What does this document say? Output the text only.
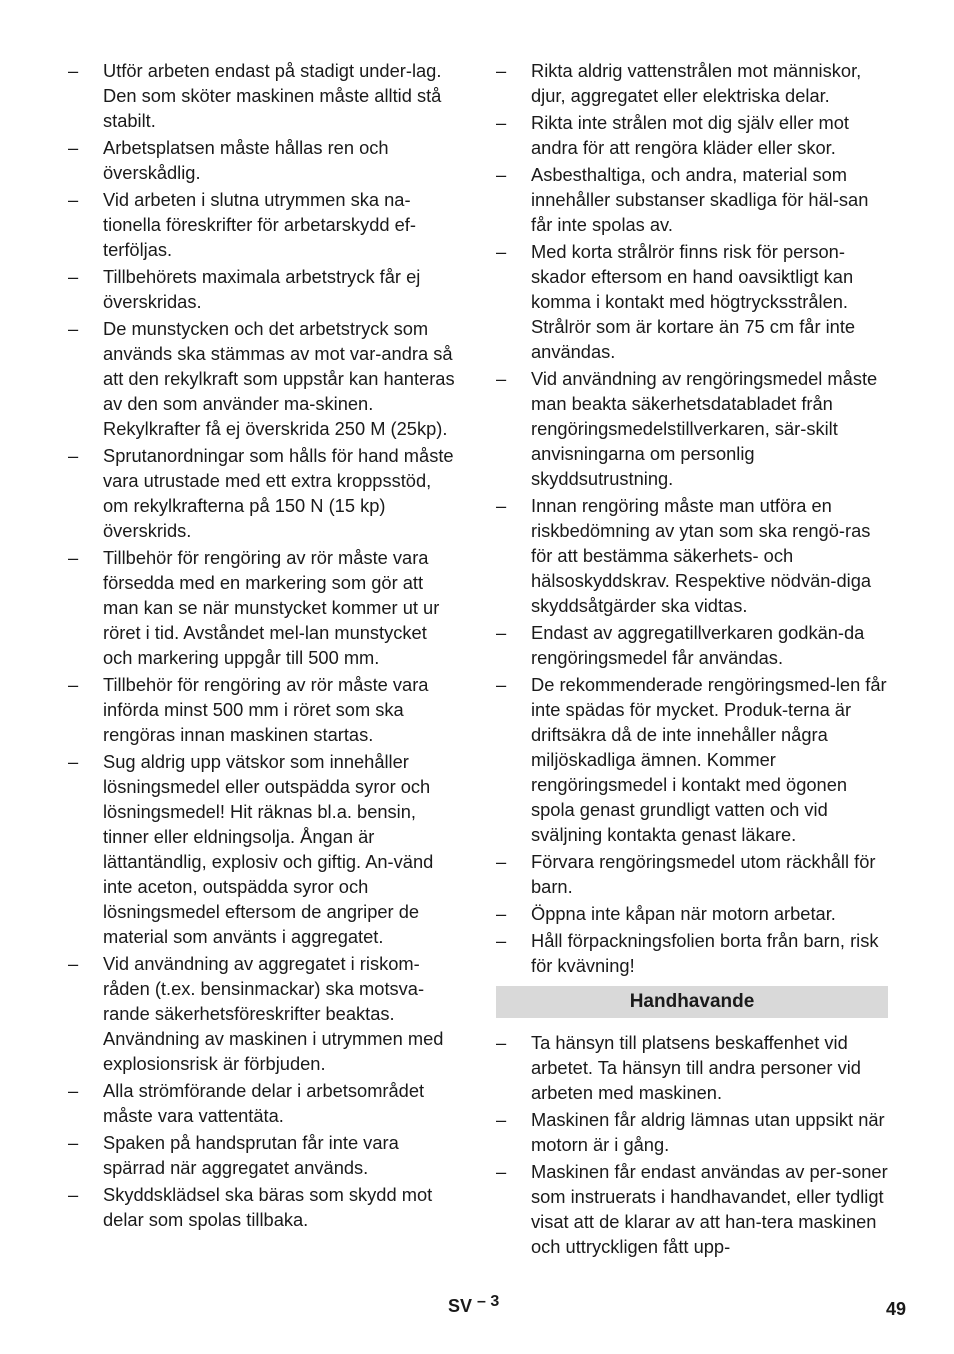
– Utför arbeten endast på stadigt under-lag. Den som sköter maskinen måste alltid stå stabilt.
– Arbetsplatsen måste hållas ren och överskådlig.
– Vid arbeten i slutna utrymmen ska na-tionella föreskrifter för arbetarskydd ef-terföljas.
– Tillbehörets maximala arbetstryck får ej överskridas.
– De munstycken och det arbetstryck som används ska stämmas av mot var-andra så att den rekylkraft som uppstår kan hanteras av den som använder ma-skinen. Rekylkrafter få ej överskrida 250 M (25kp).
– Sprutanordningar som hålls för hand måste vara utrustade med ett extra kroppsstöd, om rekylkrafterna på 150 N (15 kp) överskrids.
– Tillbehör för rengöring av rör måste vara försedda med en markering som gör att man kan se när munstycket kommer ut ur röret i tid. Avståndet mel-lan munstycket och markering uppgår till 500 mm.
– Tillbehör för rengöring av rör måste vara införda minst 500 mm i röret som ska rengöras innan maskinen startas.
– Sug aldrig upp vätskor som innehåller lösningsmedel eller outspädda syror och lösningsmedel! Hit räknas bl.a. bensin, tinner eller eldningsolja. Ångan är lättantändlig, explosiv och giftig. An-vänd inte aceton, outspädda syror och lösningsmedel eftersom de angriper de material som använts i aggregatet.
– Vid användning av aggregatet i riskom-råden (t.ex. bensinmackar) ska motsva-rande säkerhetsföreskrifter beaktas. Användning av maskinen i utrymmen med explosionsrisk är förbjuden.
– Alla strömförande delar i arbetsområdet måste vara vattentäta.
– Spaken på handsprutan får inte vara spärrad när aggregatet används.
– Skyddsklädsel ska bäras som skydd mot delar som spolas tillbaka.
– Rikta aldrig vattenstrålen mot människor, djur, aggregatet eller elektriska delar.
– Rikta inte strålen mot dig själv eller mot andra för att rengöra kläder eller skor.
– Asbesthaltiga, och andra, material som innehåller substanser skadliga för häl-san får inte spolas av.
– Med korta strålrör finns risk för person-skador eftersom en hand oavsiktligt kan komma i kontakt med högtrycksstrålen. Strålrör som är kortare än 75 cm får inte användas.
– Vid användning av rengöringsmedel måste man beakta säkerhetsdatabladet från rengöringsmedelstillverkaren, sär-skilt anvisningarna om personlig skyddsutrustning.
– Innan rengöring måste man utföra en riskbedömning av ytan som ska rengö-ras för att bestämma säkerhets- och hälsoskyddskrav. Respektive nödvän-diga skyddsåtgärder ska vidtas.
– Endast av aggregatillverkaren godkän-da rengöringsmedel får användas.
– De rekommenderade rengöringsmed-len får inte spädas för mycket. Produk-terna är driftsäkra då de inte innehåller några miljöskadliga ämnen. Kommer rengöringsmedel i kontakt med ögonen spola genast grundligt vatten och vid sväljning kontakta genast läkare.
– Förvara rengöringsmedel utom räckhåll för barn.
– Öppna inte kåpan när motorn arbetar.
– Håll förpackningsfolien borta från barn, risk för kvävning!
Handhavande
– Ta hänsyn till platsens beskaffenhet vid arbetet. Ta hänsyn till andra personer vid arbeten med maskinen.
– Maskinen får aldrig lämnas utan uppsikt när motorn är i gång.
– Maskinen får endast användas av per-soner som instruerats i handhavandet, eller tydligt visat att de klarar av att han-tera maskinen och uttryckligen fått upp-
SV – 3	49
